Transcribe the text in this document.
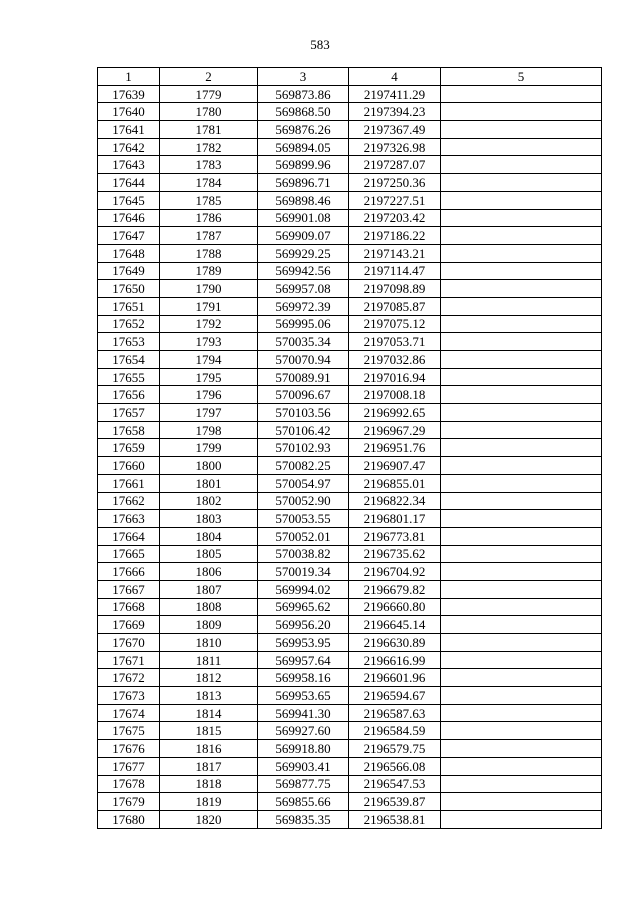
583
1	2	3	4	5
17639	1779	569873.86	2197411.29	
17640	1780	569868.50	2197394.23	
17641	1781	569876.26	2197367.49	
17642	1782	569894.05	2197326.98	
17643	1783	569899.96	2197287.07	
17644	1784	569896.71	2197250.36	
17645	1785	569898.46	2197227.51	
17646	1786	569901.08	2197203.42	
17647	1787	569909.07	2197186.22	
17648	1788	569929.25	2197143.21	
17649	1789	569942.56	2197114.47	
17650	1790	569957.08	2197098.89	
17651	1791	569972.39	2197085.87	
17652	1792	569995.06	2197075.12	
17653	1793	570035.34	2197053.71	
17654	1794	570070.94	2197032.86	
17655	1795	570089.91	2197016.94	
17656	1796	570096.67	2197008.18	
17657	1797	570103.56	2196992.65	
17658	1798	570106.42	2196967.29	
17659	1799	570102.93	2196951.76	
17660	1800	570082.25	2196907.47	
17661	1801	570054.97	2196855.01	
17662	1802	570052.90	2196822.34	
17663	1803	570053.55	2196801.17	
17664	1804	570052.01	2196773.81	
17665	1805	570038.82	2196735.62	
17666	1806	570019.34	2196704.92	
17667	1807	569994.02	2196679.82	
17668	1808	569965.62	2196660.80	
17669	1809	569956.20	2196645.14	
17670	1810	569953.95	2196630.89	
17671	1811	569957.64	2196616.99	
17672	1812	569958.16	2196601.96	
17673	1813	569953.65	2196594.67	
17674	1814	569941.30	2196587.63	
17675	1815	569927.60	2196584.59	
17676	1816	569918.80	2196579.75	
17677	1817	569903.41	2196566.08	
17678	1818	569877.75	2196547.53	
17679	1819	569855.66	2196539.87	
17680	1820	569835.35	2196538.81	
